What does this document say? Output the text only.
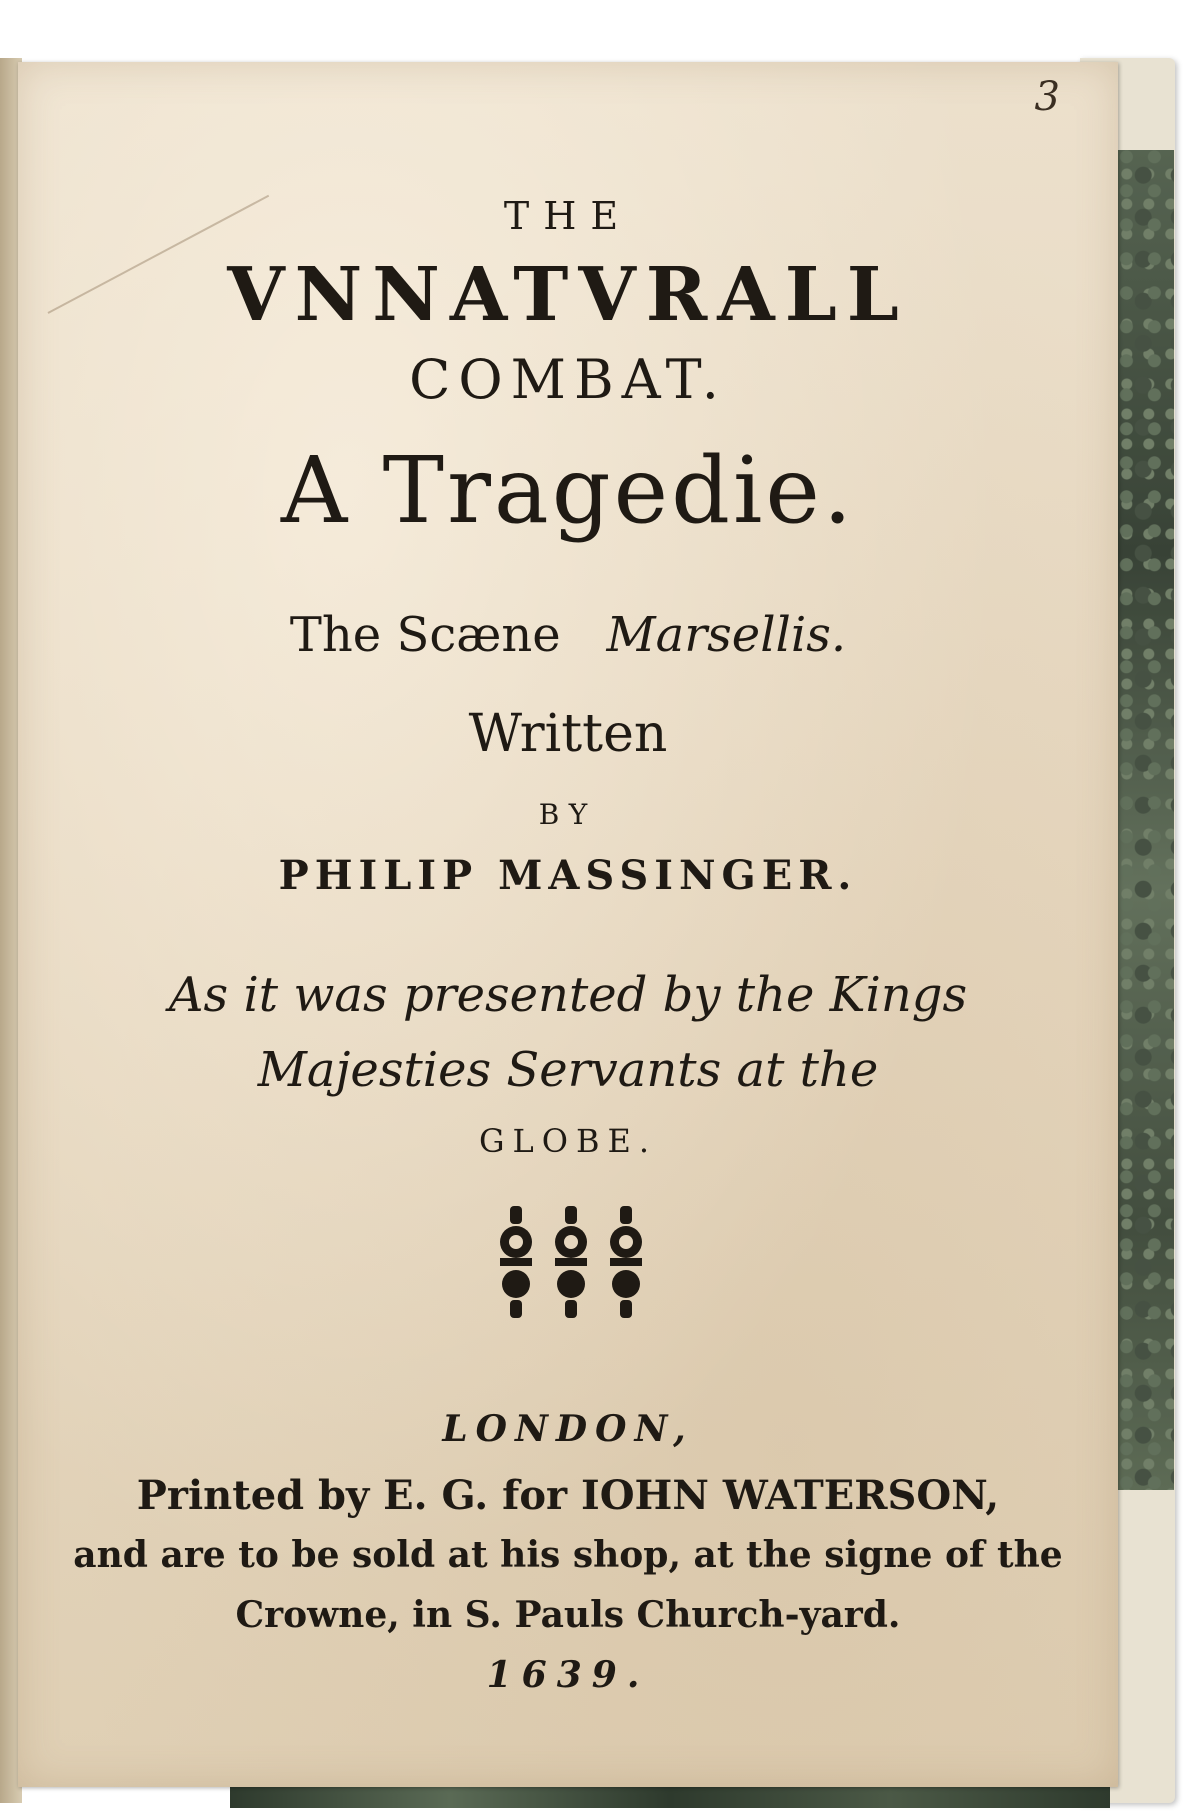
3
THE
VNNATVRALL
COMBAT.
A Tragedie.
The Scæne Marsellis.
Written
BY
PHILIP MASSINGER.
As it was presented by the Kings
Majesties Servants at the
GLOBE.
LONDON,
Printed by E. G. for IOHN WATERSON,
and are to be sold at his shop, at the signe of the
Crowne, in S. Pauls Church-yard.
1639.
